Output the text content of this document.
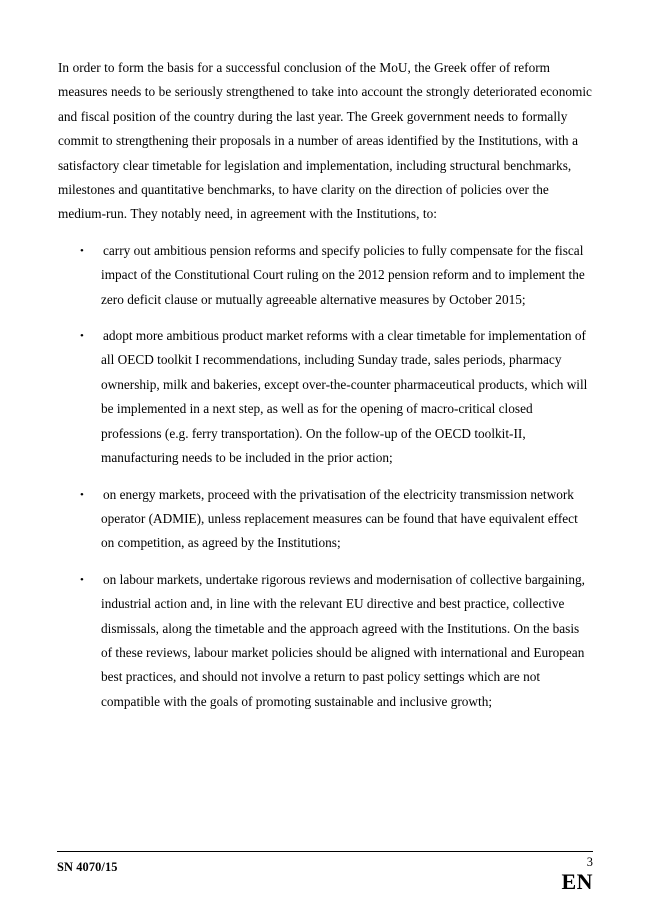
In order to form the basis for a successful conclusion of the MoU, the Greek offer of reform measures needs to be seriously strengthened to take into account the strongly deteriorated economic and fiscal position of the country during the last year. The Greek government needs to formally commit to strengthening their proposals in a number of areas identified by the Institutions, with a satisfactory clear timetable for legislation and implementation, including structural benchmarks, milestones and quantitative benchmarks, to have clarity on the direction of policies over the medium-run. They notably need, in agreement with the Institutions, to:

•	carry out ambitious pension reforms and specify policies to fully compensate for the fiscal impact of the Constitutional Court ruling on the 2012 pension reform and to implement the zero deficit clause or mutually agreeable alternative measures by October 2015;
•	adopt more ambitious product market reforms with a clear timetable for implementation of all OECD toolkit I recommendations, including Sunday trade, sales periods, pharmacy ownership, milk and bakeries, except over-the-counter pharmaceutical products, which will be implemented in a next step, as well as for the opening of macro-critical closed professions (e.g. ferry transportation). On the follow-up of the OECD toolkit-II, manufacturing needs to be included in the prior action;
•	on energy markets, proceed with the privatisation of the electricity transmission network operator (ADMIE), unless replacement measures can be found that have equivalent effect on competition, as agreed by the Institutions;
•	on labour markets, undertake rigorous reviews and modernisation of collective bargaining, industrial action and, in line with the relevant EU directive and best practice, collective dismissals, along the timetable and the approach agreed with the Institutions. On the basis of these reviews, labour market policies should be aligned with international and European best practices, and should not involve a return to past policy settings which are not compatible with the goals of promoting sustainable and inclusive growth;
SN 4070/15	3
EN
